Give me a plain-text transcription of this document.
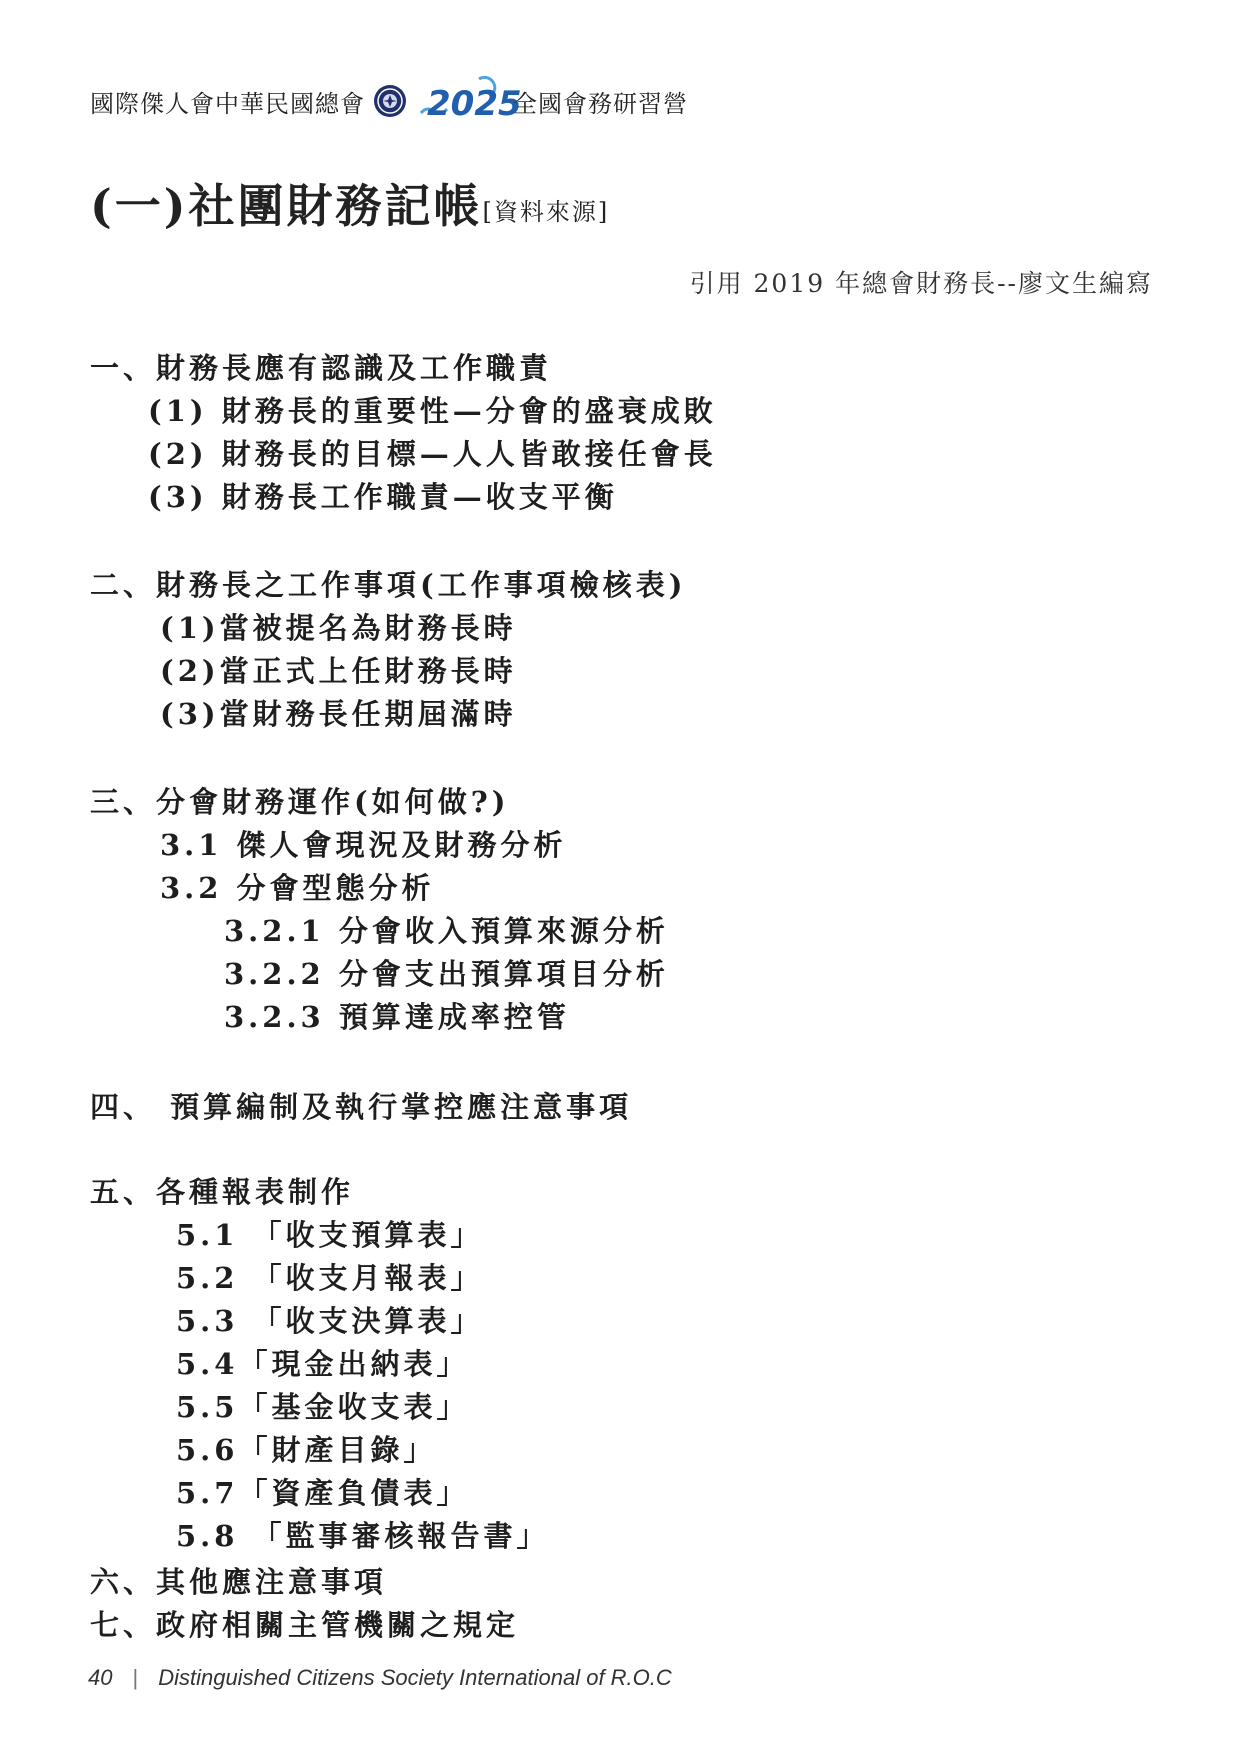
國際傑人會中華民國總會 2025
全國會務研習營
(一)社團財務記帳[資料來源]
引用 2019 年總會財務長--廖文生編寫
一、財務長應有認識及工作職責
(1) 財務長的重要性—分會的盛衰成敗
(2) 財務長的目標—人人皆敢接任會長
(3) 財務長工作職責—收支平衡
二、財務長之工作事項(工作事項檢核表)
(1)當被提名為財務長時
(2)當正式上任財務長時
(3)當財務長任期屆滿時
三、分會財務運作(如何做?)
3.1 傑人會現況及財務分析
3.2 分會型態分析
3.2.1 分會收入預算來源分析
3.2.2 分會支出預算項目分析
3.2.3 預算達成率控管
四、 預算編制及執行掌控應注意事項
五、各種報表制作
5.1 「收支預算表」
5.2 「收支月報表」
5.3 「收支決算表」
5.4「現金出納表」
5.5「基金收支表」
5.6「財產目錄」
5.7「資產負債表」
5.8 「監事審核報告書」
六、其他應注意事項
七、政府相關主管機關之規定
40 | Distinguished Citizens Society International of R.O.C
